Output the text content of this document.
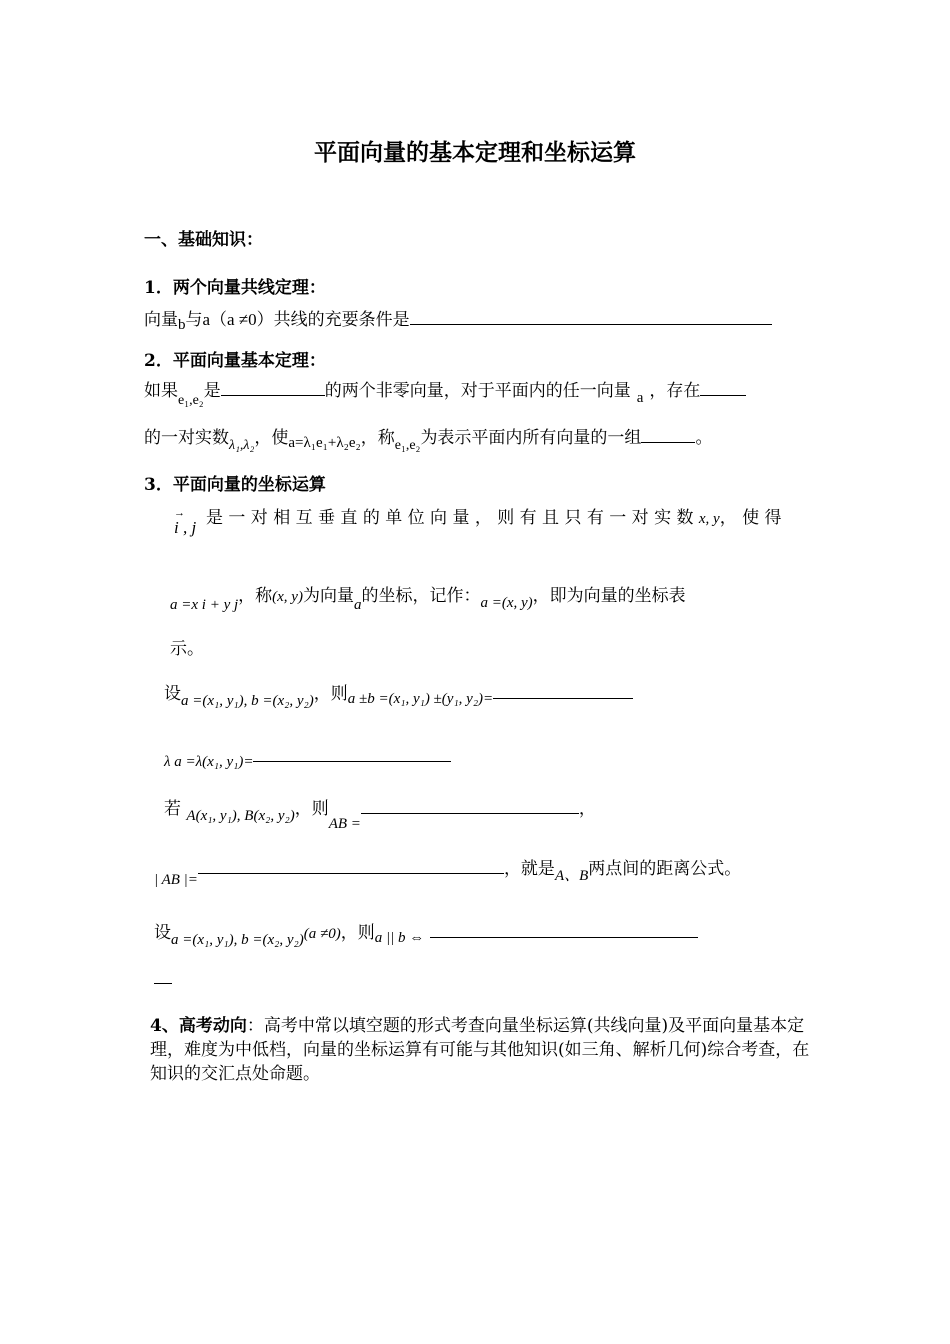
平面向量的基本定理和坐标运算
一、基础知识：
1．两个向量共线定理：
向量b与a（a ≠0）共线的充要条件是
2．平面向量基本定理：
如果$_{e_1,e_2}$是	的两个非零向量，对于平面内的任一向量 a ，存在
的一对实数$_{\lambda_1,\lambda_2}$，使a=λ₁e₁+λ₂e₂，称$_{e_1,e_2}$为表示平面内所有向量的一组	。
3．平面向量的坐标运算
→ i , j 是 一 对 相 互 垂 直 的 单 位 向 量 ， 则 有 且 只 有 一 对 实 数 x, y， 使 得
a =x i + y j，称(x, y)为向量a的坐标，记作：a =(x, y)，即为向量的坐标表
示。
设a =(x₁, y₁), b =(x₂, y₂)，则a ±b =(x₁, y₁) ±(y₁, y₂)=
λ a =λ(x₁, y₁)=
若 A(x₁, y₁), B(x₂, y₂)，则AB =，
| AB |=，就是A、B两点间的距离公式。
设a =(x₁, y₁), b =(x₂, y₂)(a ≠0)，则a || b ⇔
4、高考动向：高考中常以填空题的形式考查向量坐标运算(共线向量)及平面向量基本定理，难度为中低档，向量的坐标运算有可能与其他知识(如三角、解析几何)综合考查，在知识的交汇点处命题。
